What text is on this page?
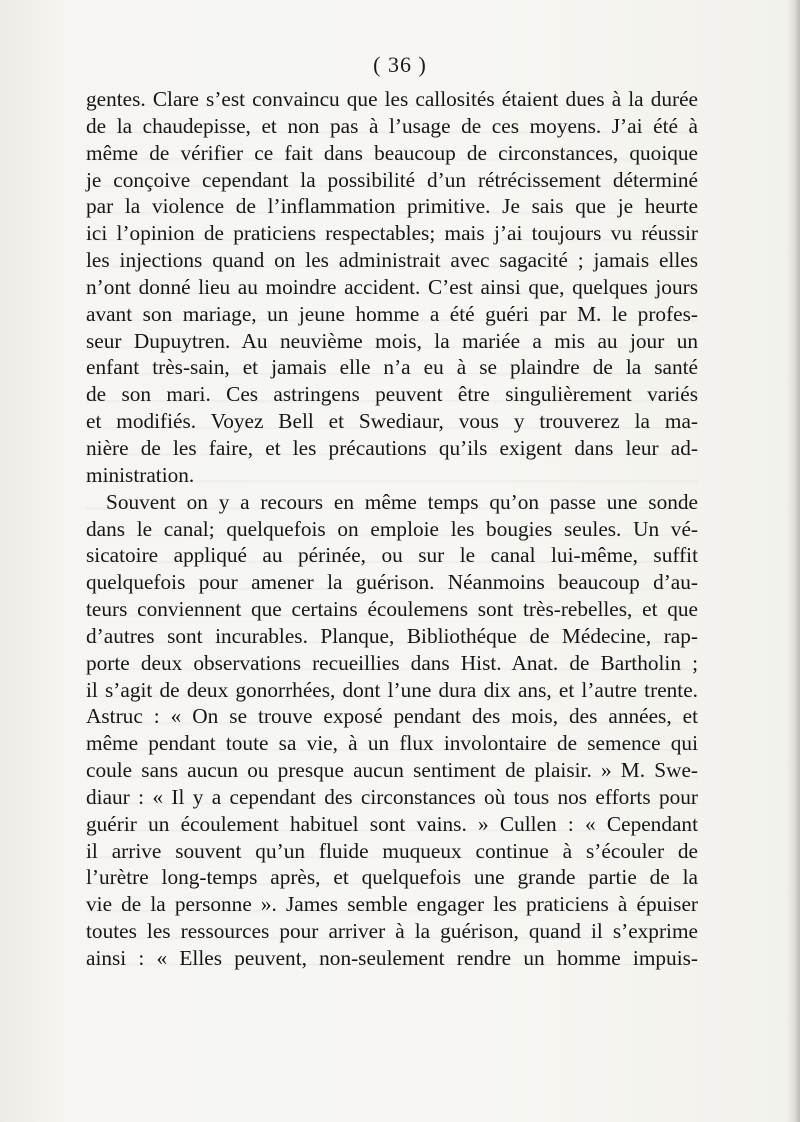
( 36 )
gentes. Clare s’est convaincu que les callosités étaient dues à la durée
de la chaudepisse, et non pas à l’usage de ces moyens. J’ai été à
même de vérifier ce fait dans beaucoup de circonstances, quoique
je conçoive cependant la possibilité d’un rétrécissement déterminé
par la violence de l’inflammation primitive. Je sais que je heurte
ici l’opinion de praticiens respectables; mais j’ai toujours vu réussir
les injections quand on les administrait avec sagacité ; jamais elles
n’ont donné lieu au moindre accident. C’est ainsi que, quelques jours
avant son mariage, un jeune homme a été guéri par M. le profes-
seur Dupuytren. Au neuvième mois, la mariée a mis au jour un
enfant très-sain, et jamais elle n’a eu à se plaindre de la santé
de son mari. Ces astringens peuvent être singulièrement variés
et modifiés. Voyez Bell et Swediaur, vous y trouverez la ma-
nière de les faire, et les précautions qu’ils exigent dans leur ad-
ministration.
Souvent on y a recours en même temps qu’on passe une sonde
dans le canal; quelquefois on emploie les bougies seules. Un vé-
sicatoire appliqué au périnée, ou sur le canal lui-même, suffit
quelquefois pour amener la guérison. Néanmoins beaucoup d’au-
teurs conviennent que certains écoulemens sont très-rebelles, et que
d’autres sont incurables. Planque, Bibliothéque de Médecine, rap-
porte deux observations recueillies dans Hist. Anat. de Bartholin ;
il s’agit de deux gonorrhées, dont l’une dura dix ans, et l’autre trente.
Astruc : « On se trouve exposé pendant des mois, des années, et
même pendant toute sa vie, à un flux involontaire de semence qui
coule sans aucun ou presque aucun sentiment de plaisir. » M. Swe-
diaur : « Il y a cependant des circonstances où tous nos efforts pour
guérir un écoulement habituel sont vains. » Cullen : « Cependant
il arrive souvent qu’un fluide muqueux continue à s’écouler de
l’urètre long-temps après, et quelquefois une grande partie de la
vie de la personne ». James semble engager les praticiens à épuiser
toutes les ressources pour arriver à la guérison, quand il s’exprime
ainsi : « Elles peuvent, non-seulement rendre un homme impuis-
